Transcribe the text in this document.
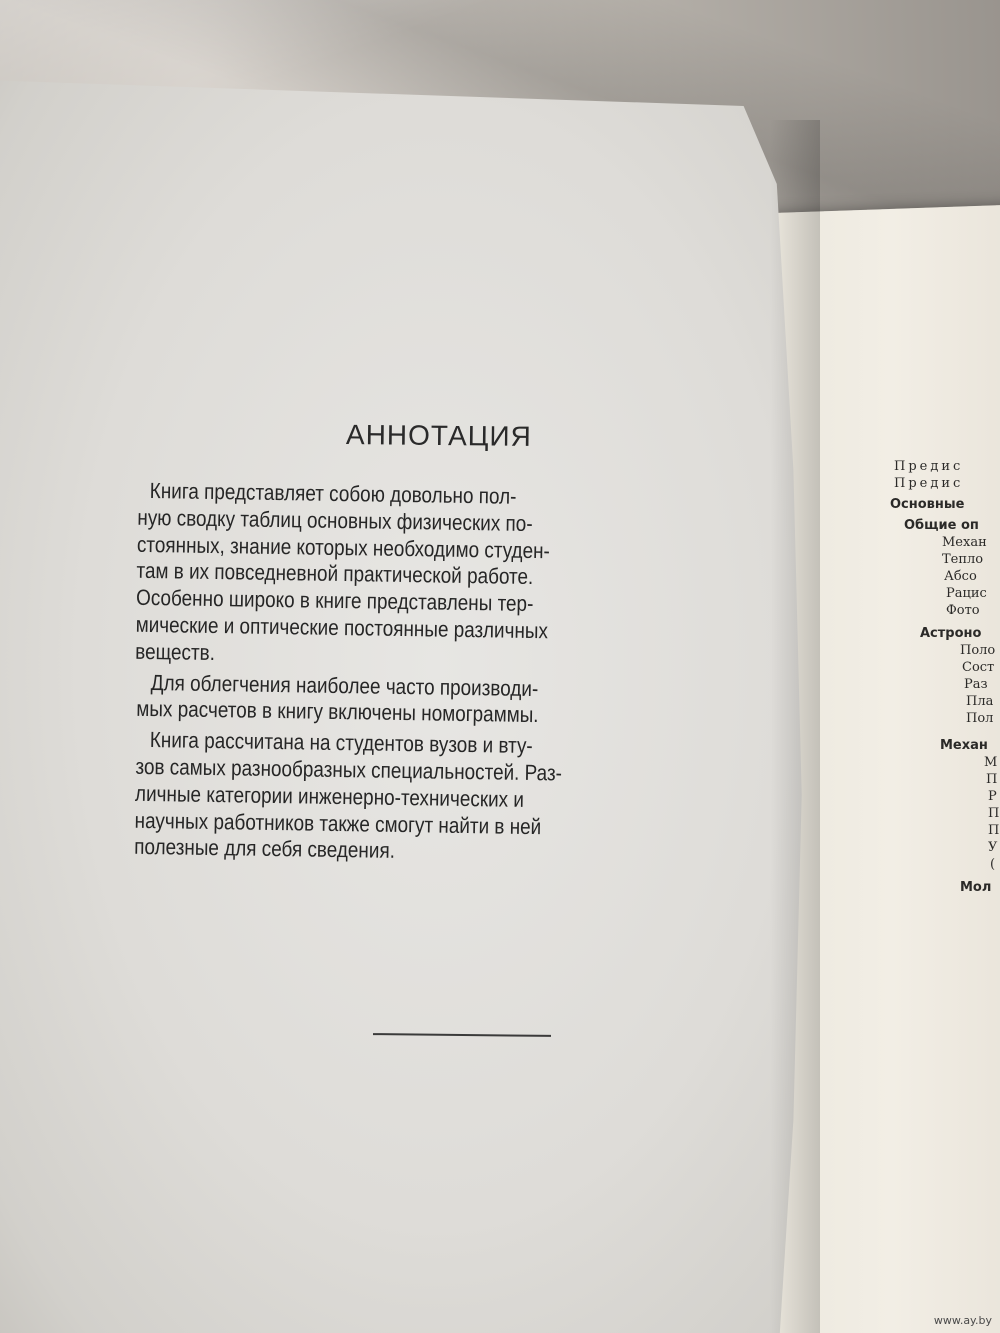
Предис
Предис
Основные
Общие оп
Механ
Тепло
Абсо
Рацис
Фото
Астроно
Поло
Сост
Раз
Пла
Пол
Механ
М
П
Р
П
П
У
(
Мол
АННОТАЦИЯ
Книга представляет собою довольно пол-
ную сводку таблиц основных физических по-
стоянных, знание которых необходимо студен-
там в их повседневной практической работе.
Особенно широко в книге представлены тер-
мические и оптические постоянные различных
веществ.
Для облегчения наиболее часто производи-
мых расчетов в книгу включены номограммы.
Книга рассчитана на студентов вузов и вту-
зов самых разнообразных специальностей. Раз-
личные категории инженерно-технических и
научных работников также смогут найти в ней
полезные для себя сведения.
www.ay.by
